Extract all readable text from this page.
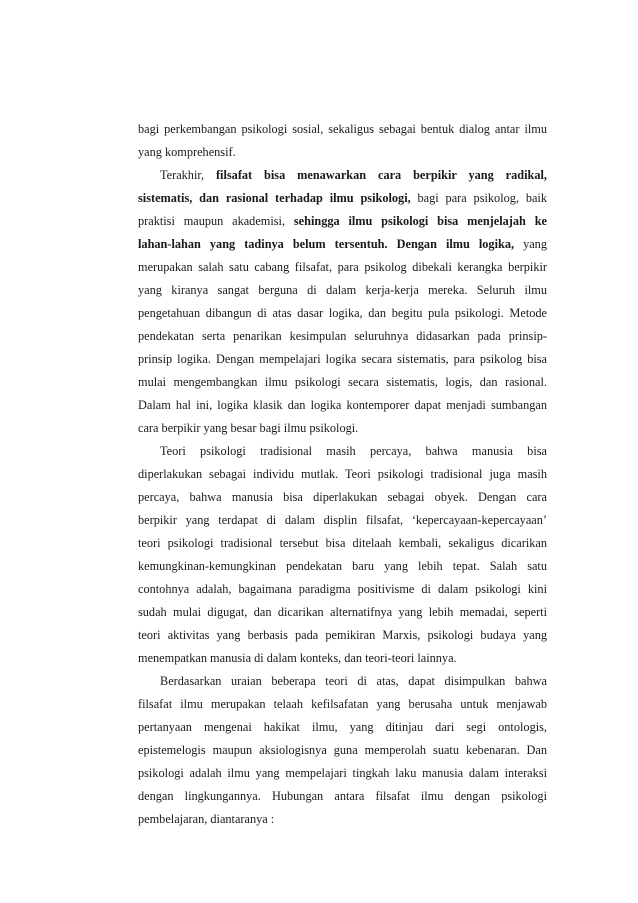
bagi perkembangan psikologi sosial, sekaligus sebagai bentuk dialog antar ilmu
yang komprehensif.
Terakhir, filsafat bisa menawarkan cara berpikir yang radikal,
sistematis, dan rasional terhadap ilmu psikologi, bagi para psikolog, baik
praktisi maupun akademisi, sehingga ilmu psikologi bisa menjelajah ke
lahan-lahan yang tadinya belum tersentuh. Dengan ilmu logika, yang
merupakan salah satu cabang filsafat, para psikolog dibekali kerangka berpikir
yang kiranya sangat berguna di dalam kerja-kerja mereka. Seluruh ilmu
pengetahuan dibangun di atas dasar logika, dan begitu pula psikologi. Metode
pendekatan serta penarikan kesimpulan seluruhnya didasarkan pada prinsip-
prinsip logika. Dengan mempelajari logika secara sistematis, para psikolog bisa
mulai mengembangkan ilmu psikologi secara sistematis, logis, dan rasional.
Dalam hal ini, logika klasik dan logika kontemporer dapat menjadi sumbangan
cara berpikir yang besar bagi ilmu psikologi.
Teori psikologi tradisional masih percaya, bahwa manusia bisa
diperlakukan sebagai individu mutlak. Teori psikologi tradisional juga masih
percaya, bahwa manusia bisa diperlakukan sebagai obyek. Dengan cara
berpikir yang terdapat di dalam displin filsafat, ‘kepercayaan-kepercayaan’
teori psikologi tradisional tersebut bisa ditelaah kembali, sekaligus dicarikan
kemungkinan-kemungkinan pendekatan baru yang lebih tepat. Salah satu
contohnya adalah, bagaimana paradigma positivisme di dalam psikologi kini
sudah mulai digugat, dan dicarikan alternatifnya yang lebih memadai, seperti
teori aktivitas yang berbasis pada pemikiran Marxis, psikologi budaya yang
menempatkan manusia di dalam konteks, dan teori-teori lainnya.
Berdasarkan uraian beberapa teori di atas, dapat disimpulkan bahwa
filsafat ilmu merupakan telaah kefilsafatan yang berusaha untuk menjawab
pertanyaan mengenai hakikat ilmu, yang ditinjau dari segi ontologis,
epistemelogis maupun aksiologisnya guna memperolah suatu kebenaran. Dan
psikologi adalah ilmu yang mempelajari tingkah laku manusia dalam interaksi
dengan lingkungannya. Hubungan antara filsafat ilmu dengan psikologi
pembelajaran, diantaranya :
